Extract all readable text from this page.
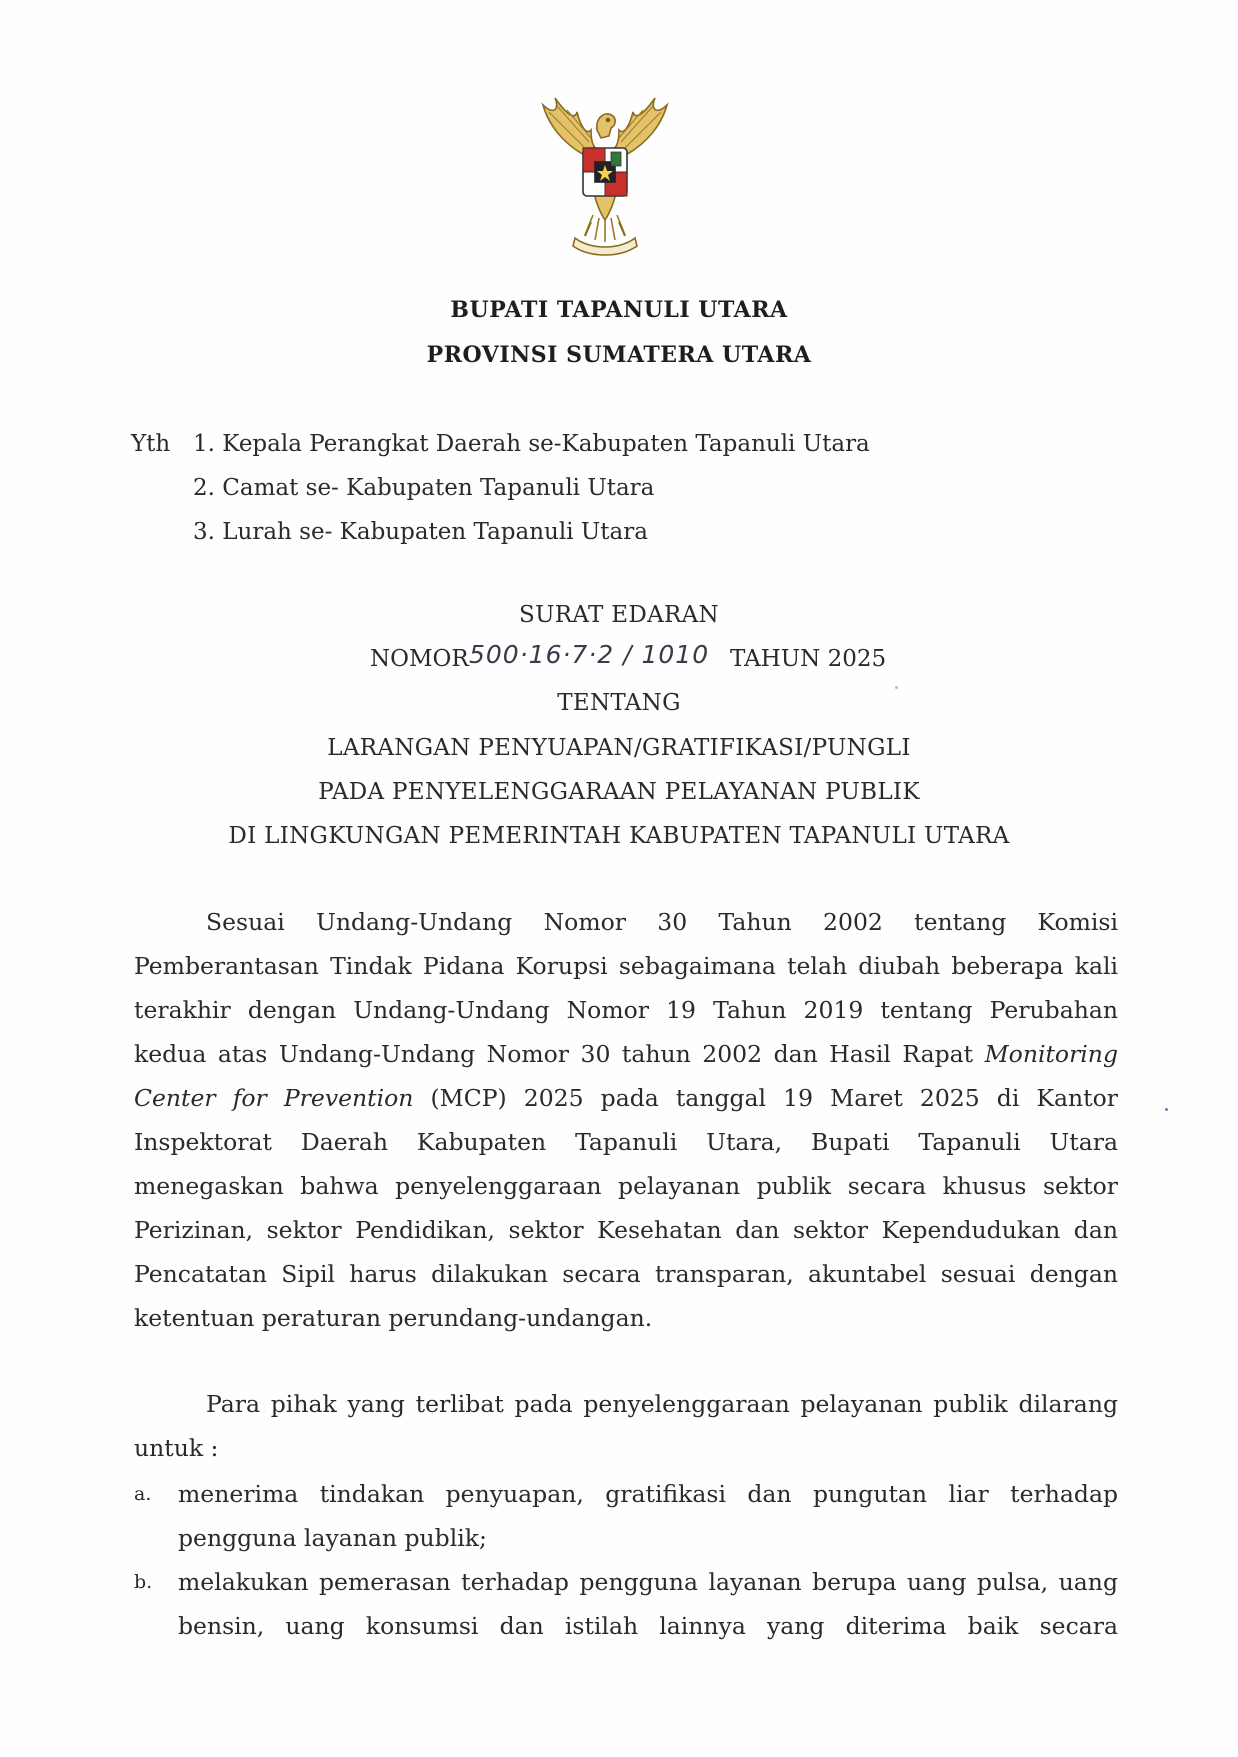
BUPATI TAPANULI UTARA
PROVINSI SUMATERA UTARA
Yth 1. Kepala Perangkat Daerah se-Kabupaten Tapanuli Utara
2. Camat se- Kabupaten Tapanuli Utara
3. Lurah se- Kabupaten Tapanuli Utara
SURAT EDARAN
NOMOR 500·16·7·2 / 1010 TAHUN 2025
TENTANG
LARANGAN PENYUAPAN/GRATIFIKASI/PUNGLI
PADA PENYELENGGARAAN PELAYANAN PUBLIK
DI LINGKUNGAN PEMERINTAH KABUPATEN TAPANULI UTARA
Sesuai Undang-Undang Nomor 30 Tahun 2002 tentang Komisi Pemberantasan Tindak Pidana Korupsi sebagaimana telah diubah beberapa kali terakhir dengan Undang-Undang Nomor 19 Tahun 2019 tentang Perubahan kedua atas Undang-Undang Nomor 30 tahun 2002 dan Hasil Rapat Monitoring Center for Prevention (MCP) 2025 pada tanggal 19 Maret 2025 di Kantor Inspektorat Daerah Kabupaten Tapanuli Utara, Bupati Tapanuli Utara menegaskan bahwa penyelenggaraan pelayanan publik secara khusus sektor Perizinan, sektor Pendidikan, sektor Kesehatan dan sektor Kependudukan dan Pencatatan Sipil harus dilakukan secara transparan, akuntabel sesuai dengan ketentuan peraturan perundang-undangan.
Para pihak yang terlibat pada penyelenggaraan pelayanan publik dilarang untuk :
a. menerima tindakan penyuapan, gratifikasi dan pungutan liar terhadap pengguna layanan publik;
b. melakukan pemerasan terhadap pengguna layanan berupa uang pulsa, uang bensin, uang konsumsi dan istilah lainnya yang diterima baik secara
